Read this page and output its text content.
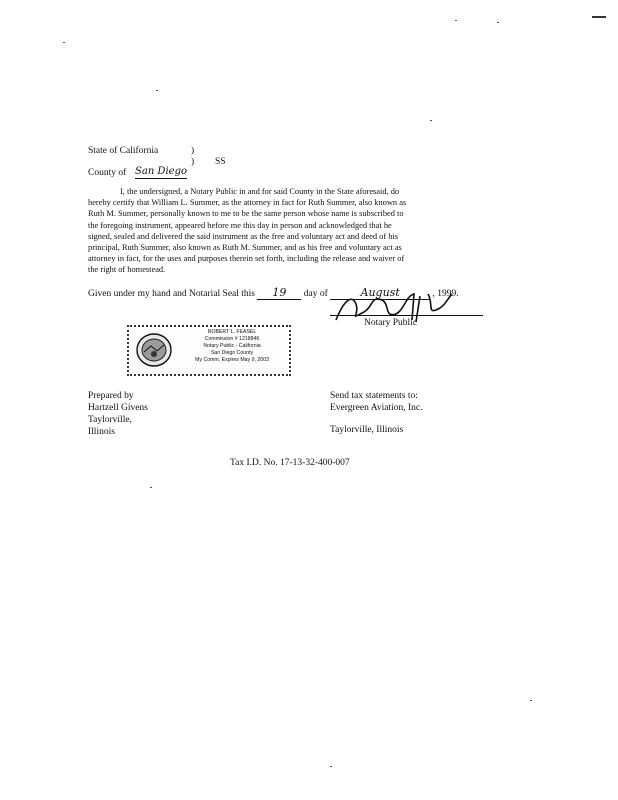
State of California	)
) SS
County of San Diego
I, the undersigned, a Notary Public in and for said County in the State aforesaid, do
hereby certify that William L. Summer, as the attorney in fact for Ruth Summer, also known as
Ruth M. Summer, personally known to me to be the same person whose name is subscribed to
the foregoing instrument, appeared before me this day in person and acknowledged that he
signed, sealed and delivered the said instrument as the free and voluntary act and deed of his
principal, Ruth Summer, also known as Ruth M. Summer, and as his free and voluntary act as
attorney in fact, for the uses and purposes therein set forth, including the release and waiver of
the right of homestead.
Given under my hand and Notarial Seal this 19 day of	August	, 1999.
Notary Public
ROBERT L. FEASEL
Commission # 1218846
Notary Public - California
San Diego County
My Comm. Expires May 9, 2003
Prepared by
Hartzell Givens
Taylorville,
Illinois
Send tax statements to:
Evergreen Aviation, Inc.
Taylorville, Illinois
Tax I.D. No. 17-13-32-400-007
